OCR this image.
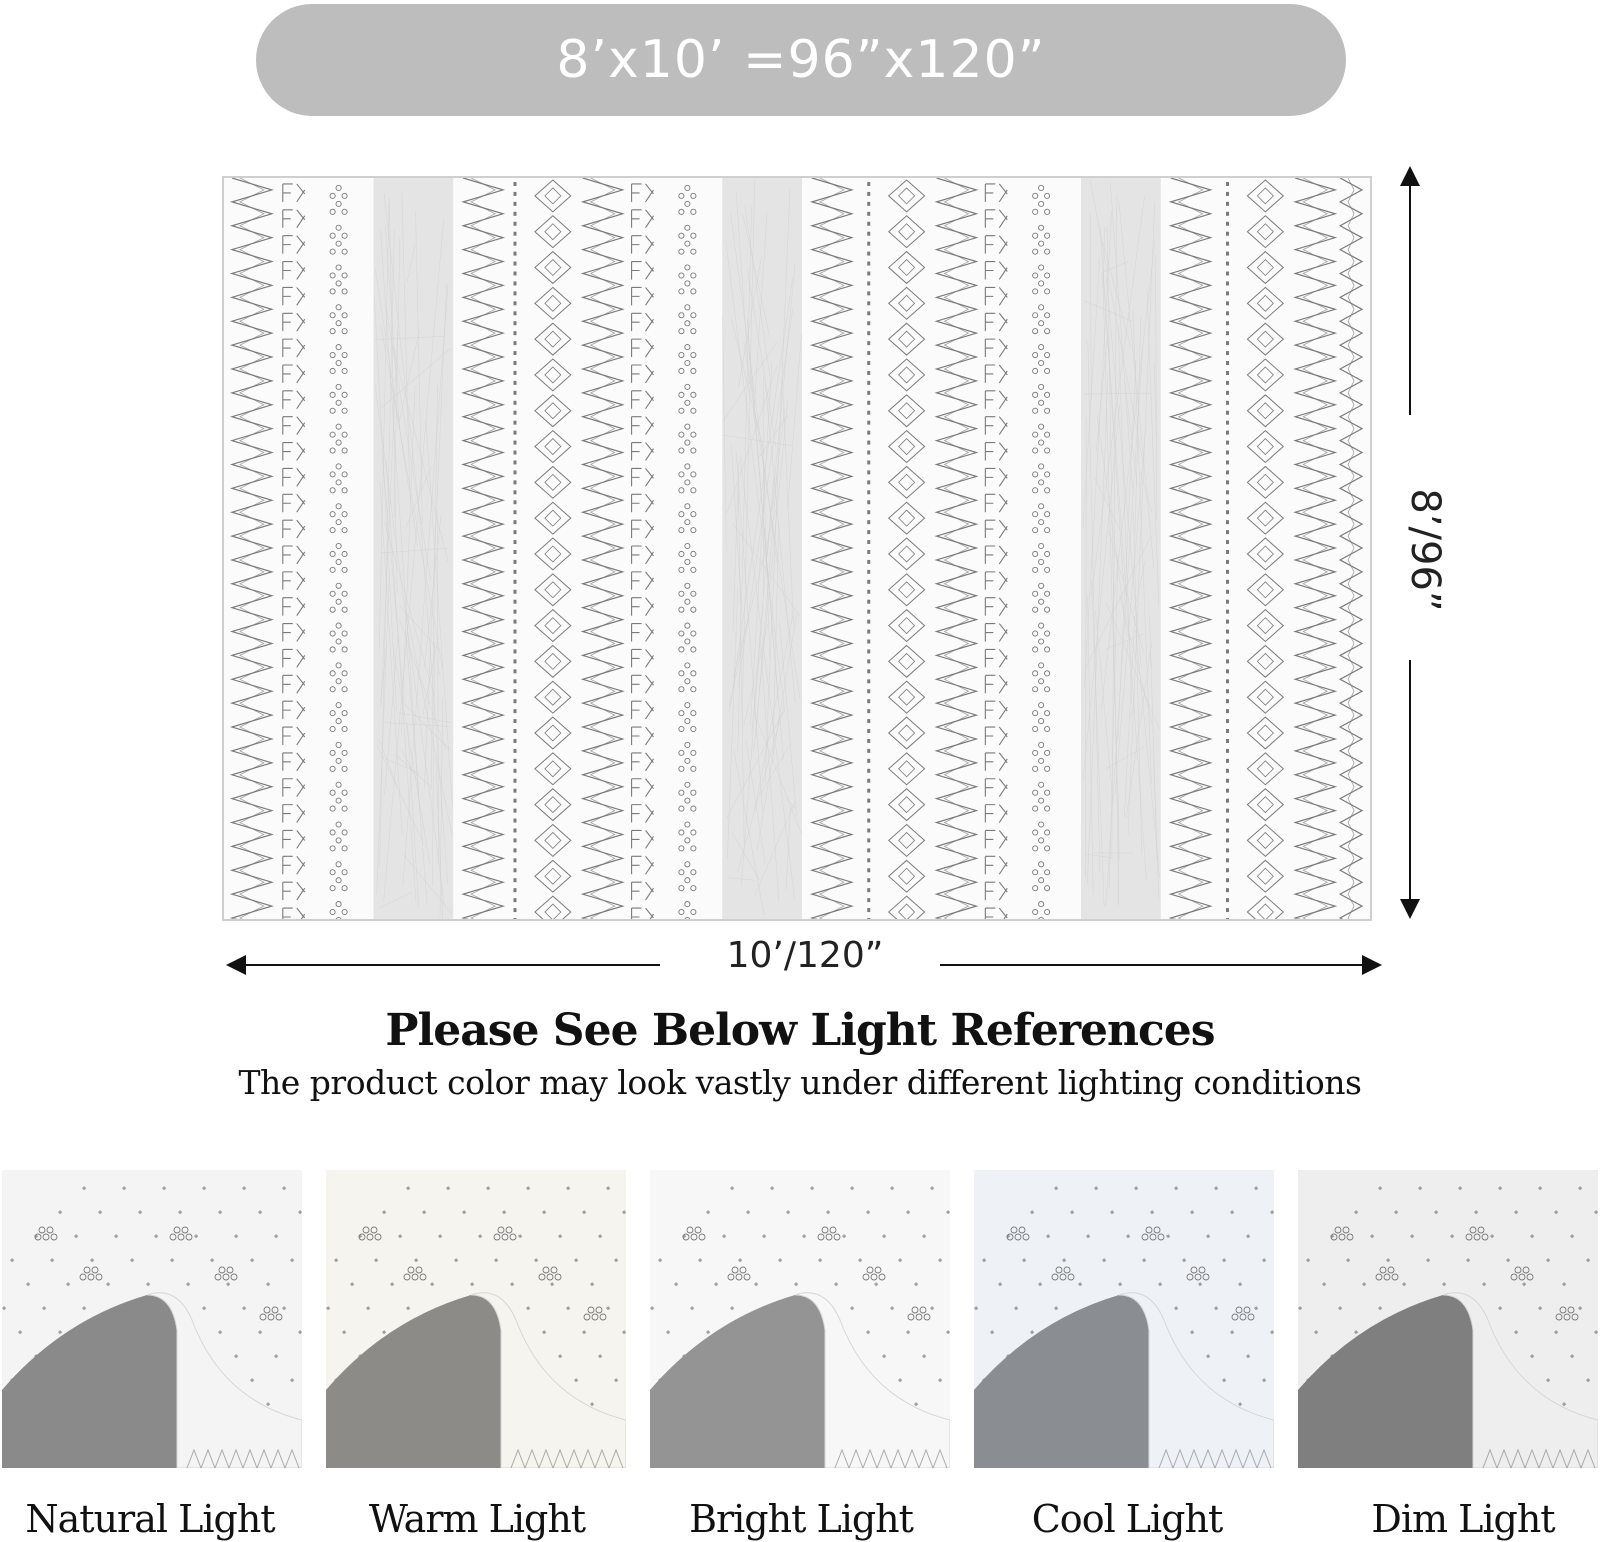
8’x10’ =96”x120”
10’/120”
8’/96”
Please See Below Light References
The product color may look vastly under different lighting conditions
Natural Light	Warm Light	Bright Light	Cool Light	Dim Light
